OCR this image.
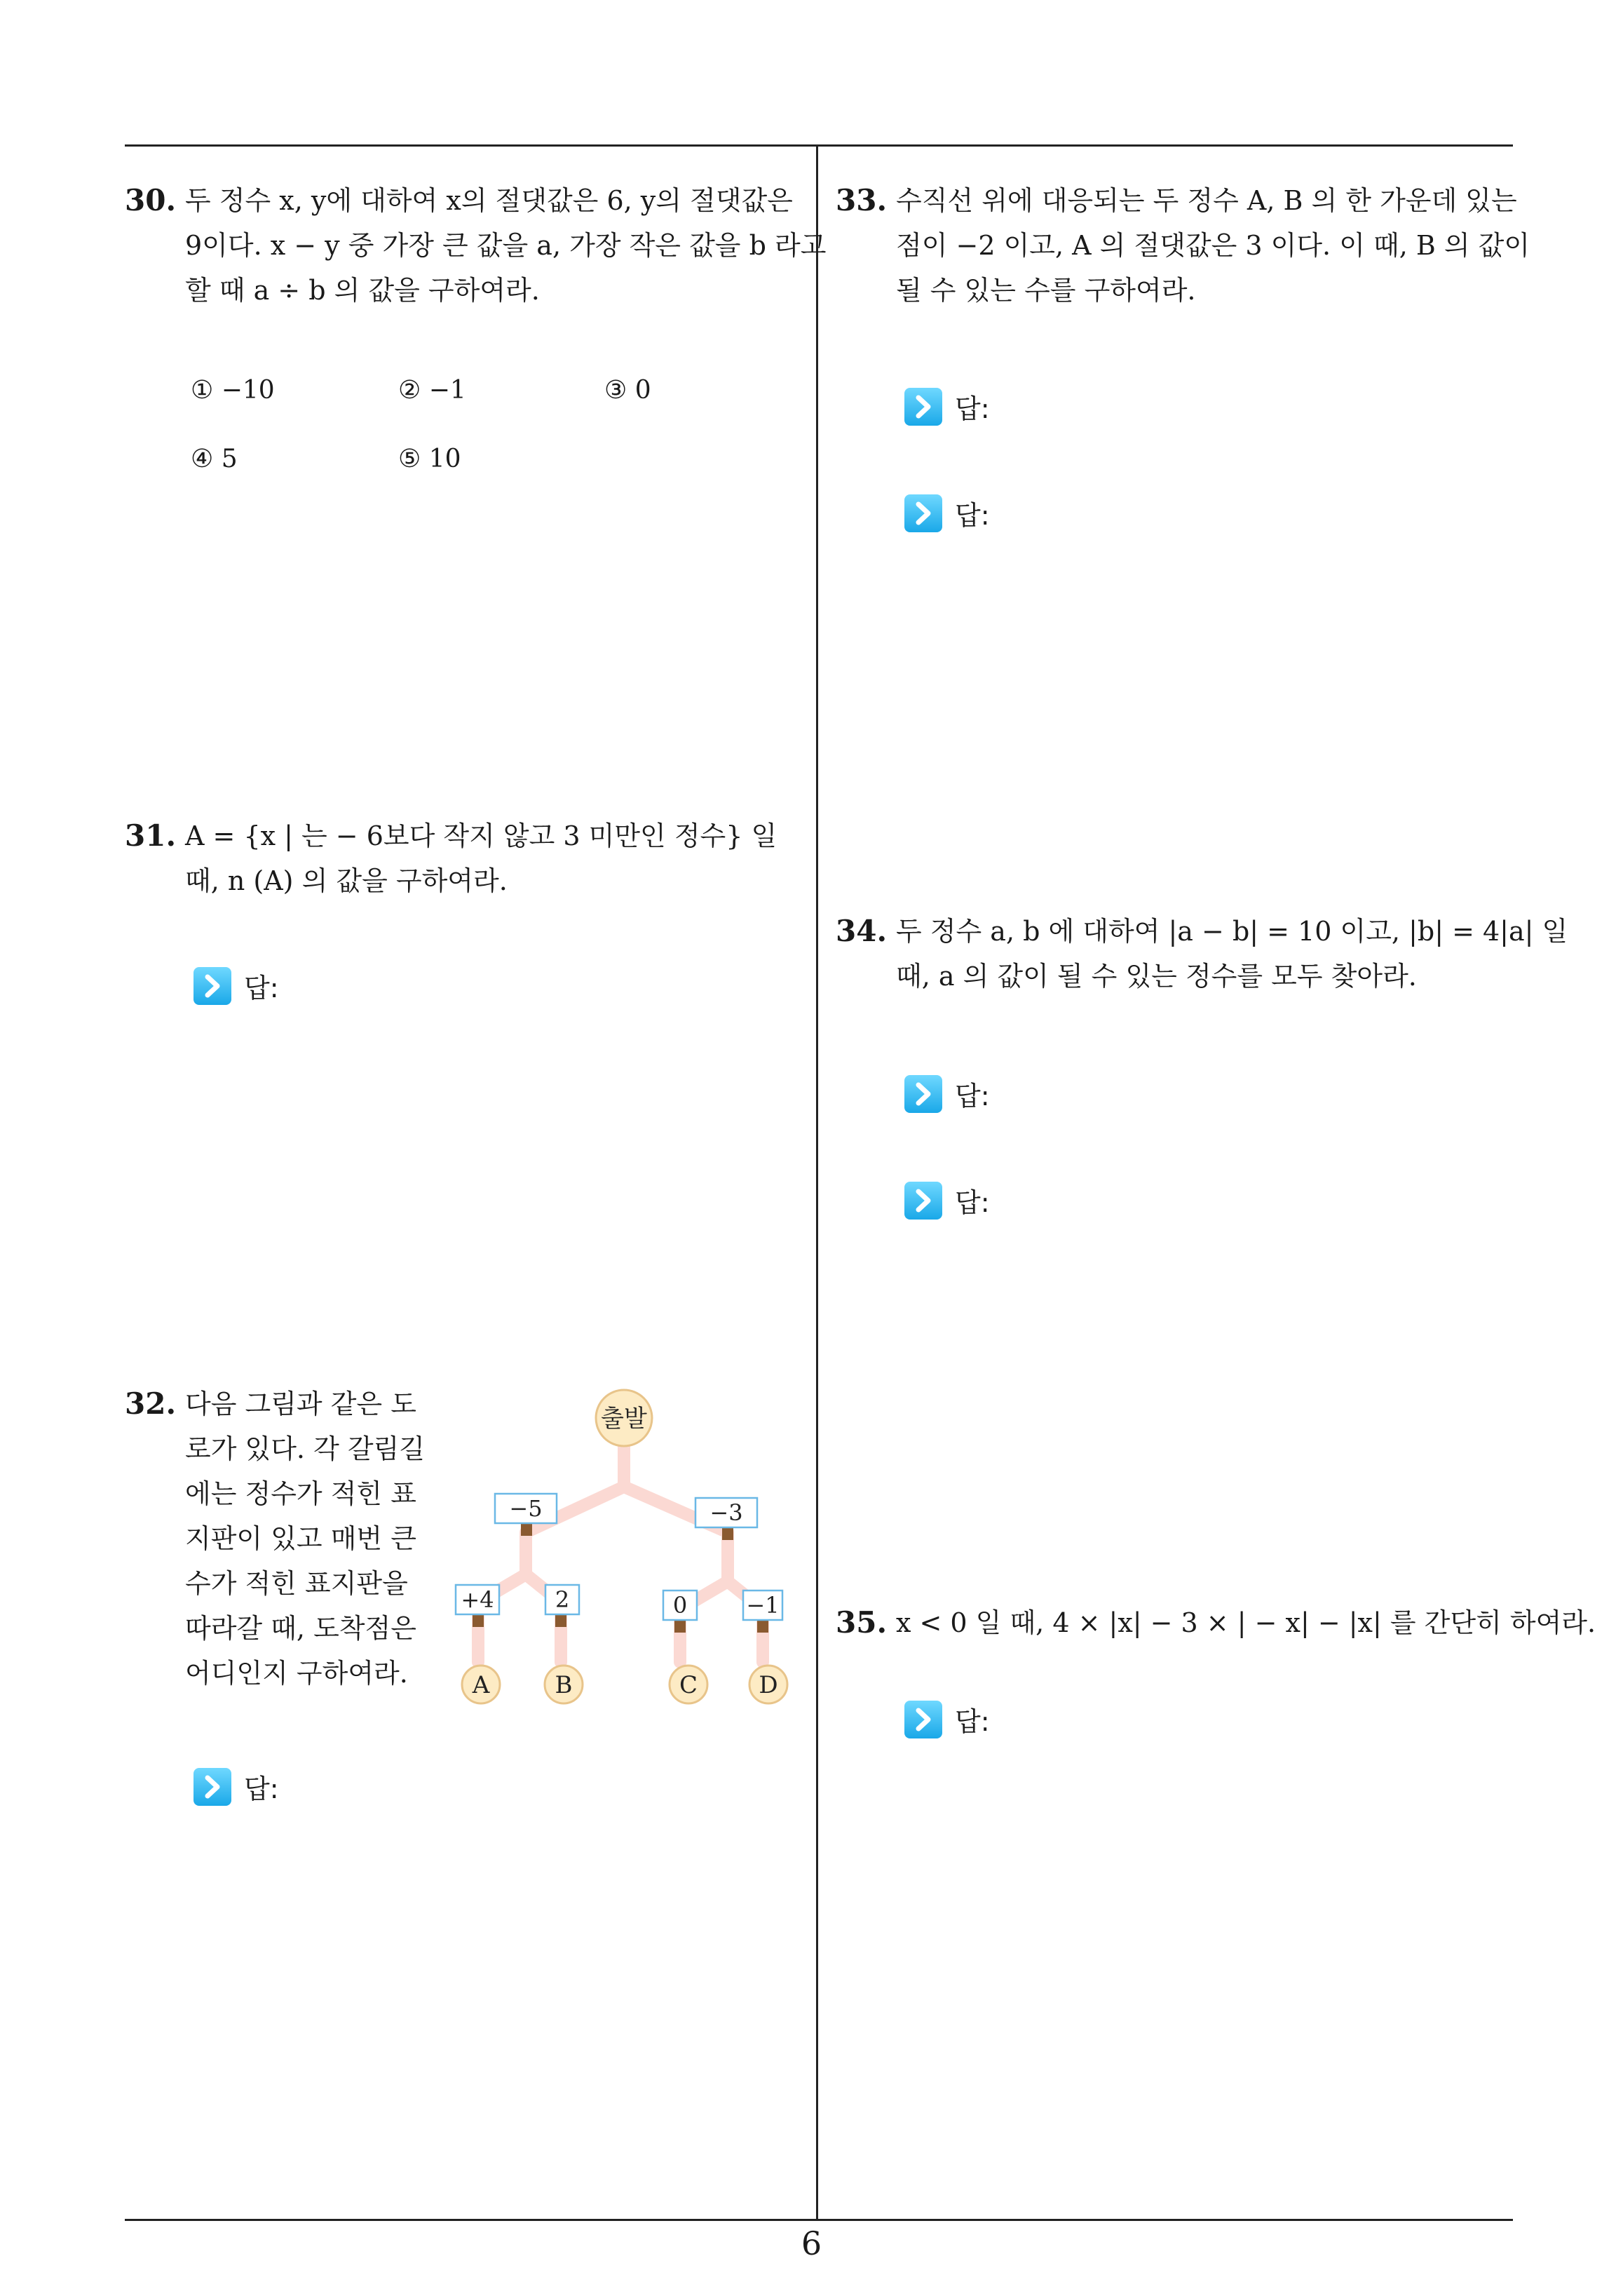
30. 두 정수 x, y에 대하여 x의 절댓값은 6, y의 절댓값은
9이다. x − y 중 가장 큰 값을 a, 가장 작은 값을 b 라고
할 때 a ÷ b 의 값을 구하여라.
① −10	② −1	③ 0
④ 5	⑤ 10
31. A = {x | 는 − 6보다 작지 않고 3 미만인 정수} 일
때, n (A) 의 값을 구하여라.
답:
32. 다음 그림과 같은 도
로가 있다. 각 갈림길
에는 정수가 적힌 표
지판이 있고 매번 큰
수가 적힌 표지판을
따라갈 때, 도착점은
어디인지 구하여라.
출발
−5	−3
+4	2	0	−1
A	B	C	D
답:
33. 수직선 위에 대응되는 두 정수 A, B 의 한 가운데 있는
점이 −2 이고, A 의 절댓값은 3 이다. 이 때, B 의 값이
될 수 있는 수를 구하여라.
답:
답:
34. 두 정수 a, b 에 대하여 |a − b| = 10 이고, |b| = 4|a| 일
때, a 의 값이 될 수 있는 정수를 모두 찾아라.
답:
답:
35. x < 0 일 때, 4 × |x| − 3 × | − x| − |x| 를 간단히 하여라.
답:
6
